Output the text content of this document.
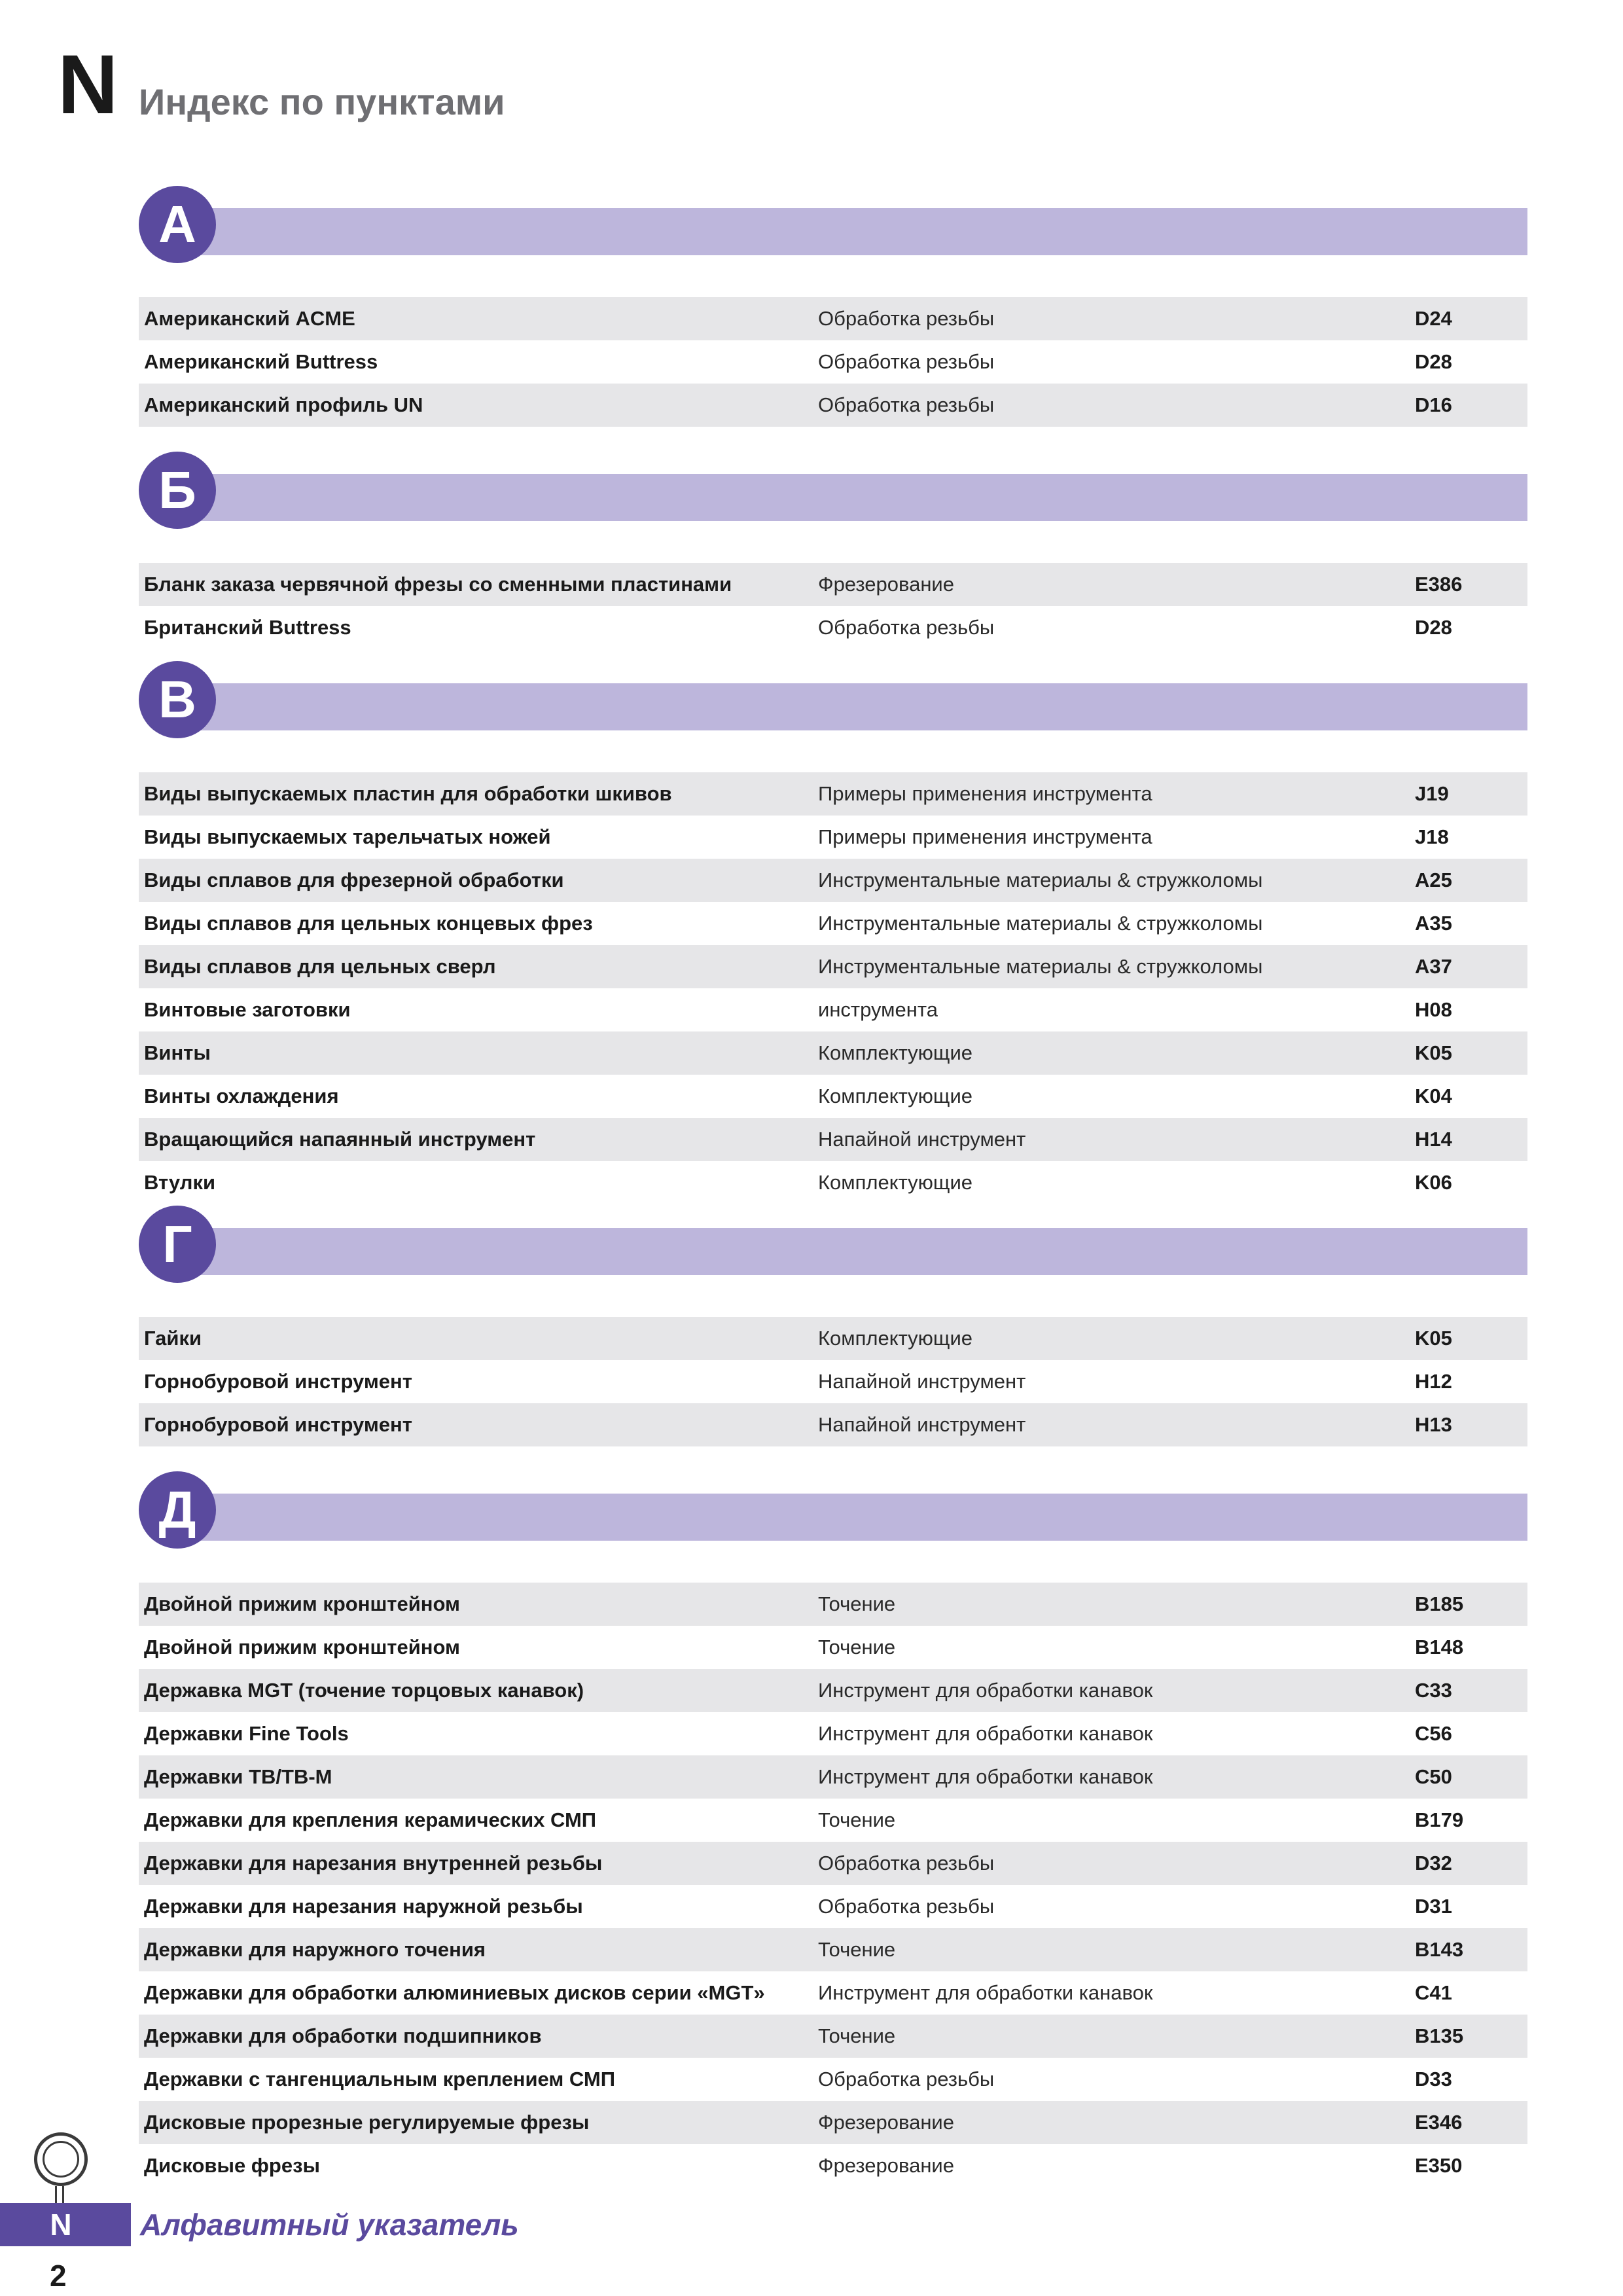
N Индекс по пунктами
А
Американский ACME	Обработка резьбы	D24
Американский Buttress	Обработка резьбы	D28
Американский профиль UN	Обработка резьбы	D16
Б
Бланк заказа червячной фрезы со сменными пластинами	Фрезерование	E386
Британский Buttress	Обработка резьбы	D28
В
Виды выпускаемых пластин для обработки шкивов	Примеры применения инструмента	J19
Виды выпускаемых тарельчатых ножей	Примеры применения инструмента	J18
Виды сплавов для фрезерной обработки	Инструментальные материалы & стружколомы	A25
Виды сплавов для цельных концевых фрез	Инструментальные материалы & стружколомы	A35
Виды сплавов для цельных сверл	Инструментальные материалы & стружколомы	A37
Винтовые заготовки	инструмента	H08
Винты	Комплектующие	K05
Винты охлаждения	Комплектующие	K04
Вращающийся напаянный инструмент	Напайной инструмент	H14
Втулки	Комплектующие	K06
Г
Гайки	Комплектующие	K05
Горнобуровой инструмент	Напайной инструмент	H12
Горнобуровой инструмент	Напайной инструмент	H13
Д
Двойной прижим кронштейном	Точение	B185
Двойной прижим кронштейном	Точение	B148
Державка MGT (точение торцовых канавок)	Инструмент для обработки канавок	C33
Державки Fine Tools	Инструмент для обработки канавок	C56
Державки TB/TB-M	Инструмент для обработки канавок	C50
Державки для крепления керамических СМП	Точение	B179
Державки для нарезания внутренней резьбы	Обработка резьбы	D32
Державки для нарезания наружной резьбы	Обработка резьбы	D31
Державки для наружного точения	Точение	B143
Державки для обработки алюминиевых дисков серии «MGT»	Инструмент для обработки канавок	C41
Державки для обработки подшипников	Точение	B135
Державки с тангенциальным креплением СМП	Обработка резьбы	D33
Дисковые прорезные регулируемые фрезы	Фрезерование	E346
Дисковые фрезы	Фрезерование	E350
N	Алфавитный указатель
2
